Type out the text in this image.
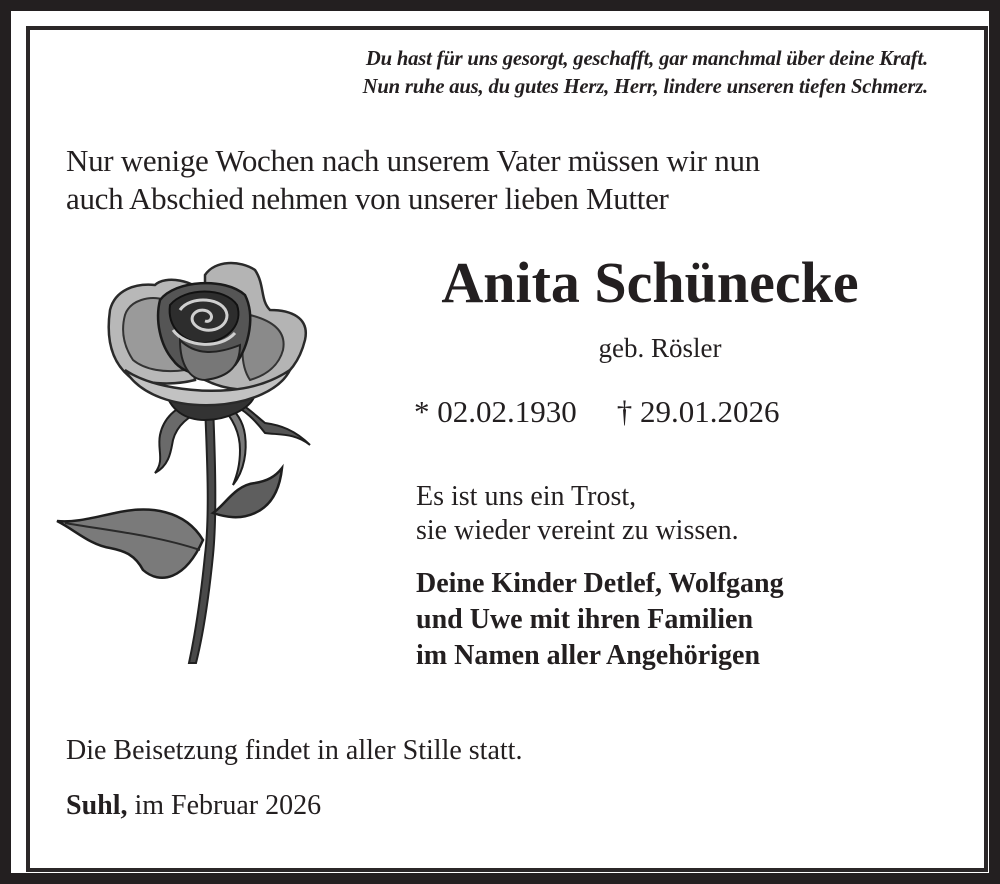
Du hast für uns gesorgt, geschafft, gar manchmal über deine Kraft.
Nun ruhe aus, du gutes Herz, Herr, lindere unseren tiefen Schmerz.
Nur wenige Wochen nach unserem Vater müssen wir nun
auch Abschied nehmen von unserer lieben Mutter
Anita Schünecke
geb. Rösler
* 02.02.1930 † 29.01.2026
Es ist uns ein Trost,
sie wieder vereint zu wissen.
Deine Kinder Detlef, Wolfgang
und Uwe mit ihren Familien
im Namen aller Angehörigen
Die Beisetzung findet in aller Stille statt.
Suhl, im Februar 2026
